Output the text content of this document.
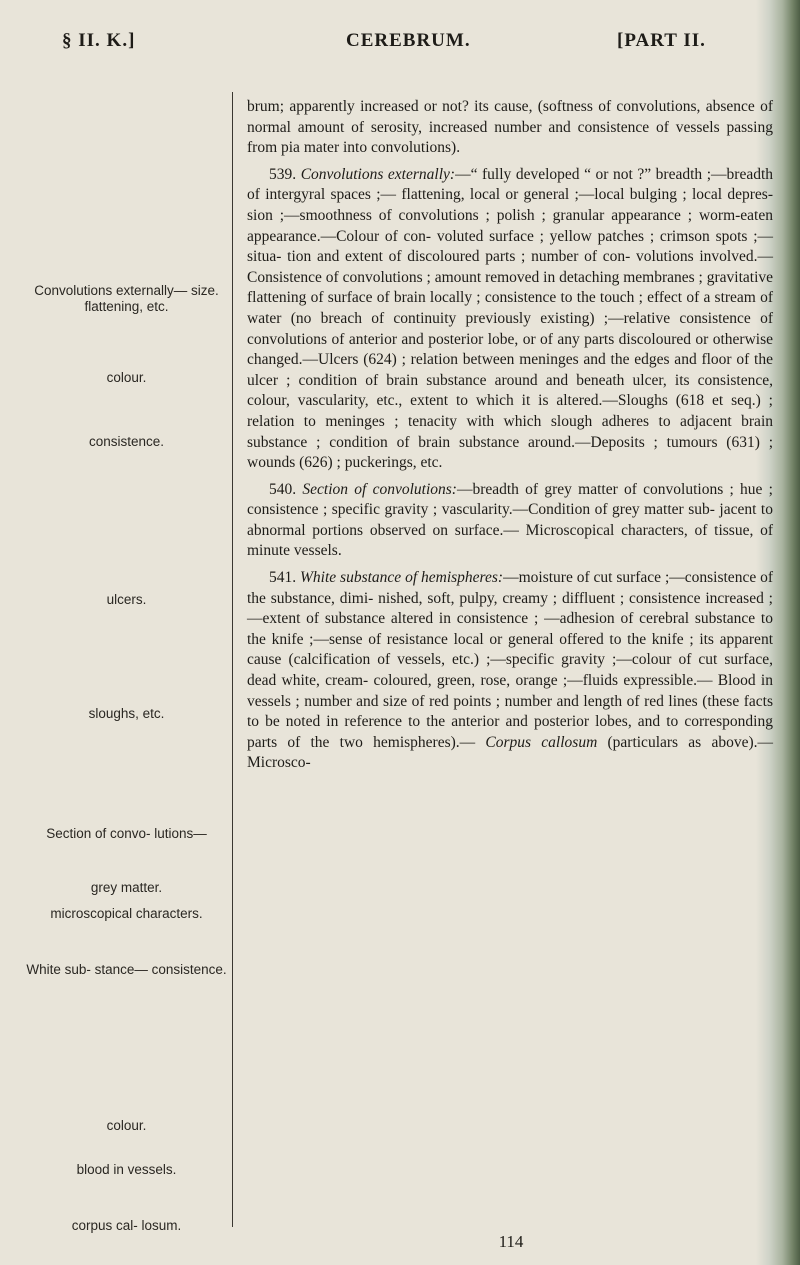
§ II. K.]	CEREBRUM.	[PART II.
Convolutions externally— size. flattening, etc.
colour.
consistence.
ulcers.
sloughs, etc.
Section of convo- lutions—
grey matter.
microscopical characters.
White sub- stance— consistence.
colour.
blood in vessels.
corpus cal- losum.

brum; apparently increased or not? its cause, (softness of convolutions, absence of normal amount of serosity, increased number and consistence of vessels passing from pia mater into convolutions).

539. Convolutions externally:—“ fully developed “ or not ?” breadth ;—breadth of intergyral spaces ;— flattening, local or general ;—local bulging ; local depres- sion ;—smoothness of convolutions ; polish ; granular appearance ; worm-eaten appearance.—Colour of con- voluted surface ; yellow patches ; crimson spots ;— situa- tion and extent of discoloured parts ; number of con- volutions involved.—Consistence of convolutions ; amount removed in detaching membranes ; gravitative flattening of surface of brain locally ; consistence to the touch ; effect of a stream of water (no breach of continuity previously existing) ;—relative consistence of convolutions of anterior and posterior lobe, or of any parts discoloured or otherwise changed.—Ulcers (624) ; relation between meninges and the edges and floor of the ulcer ; condition of brain substance around and beneath ulcer, its consistence, colour, vascularity, etc., extent to which it is altered.—Sloughs (618 et seq.) ; relation to meninges ; tenacity with which slough adheres to adjacent brain substance ; condition of brain substance around.—Deposits ; tumours (631) ; wounds (626) ; puckerings, etc.

540. Section of convolutions:—breadth of grey matter of convolutions ; hue ; consistence ; specific gravity ; vascularity.—Condition of grey matter sub- jacent to abnormal portions observed on surface.— Microscopical characters, of tissue, of minute vessels.

541. White substance of hemispheres:—moisture of cut surface ;—consistence of the substance, dimi- nished, soft, pulpy, creamy ; diffluent ; consistence increased ;—extent of substance altered in consistence ; —adhesion of cerebral substance to the knife ;—sense of resistance local or general offered to the knife ; its apparent cause (calcification of vessels, etc.) ;—specific gravity ;—colour of cut surface, dead white, cream- coloured, green, rose, orange ;—fluids expressible.— Blood in vessels ; number and size of red points ; number and length of red lines (these facts to be noted in reference to the anterior and posterior lobes, and to corresponding parts of the two hemispheres).— Corpus callosum (particulars as above).—Microsco-

114
